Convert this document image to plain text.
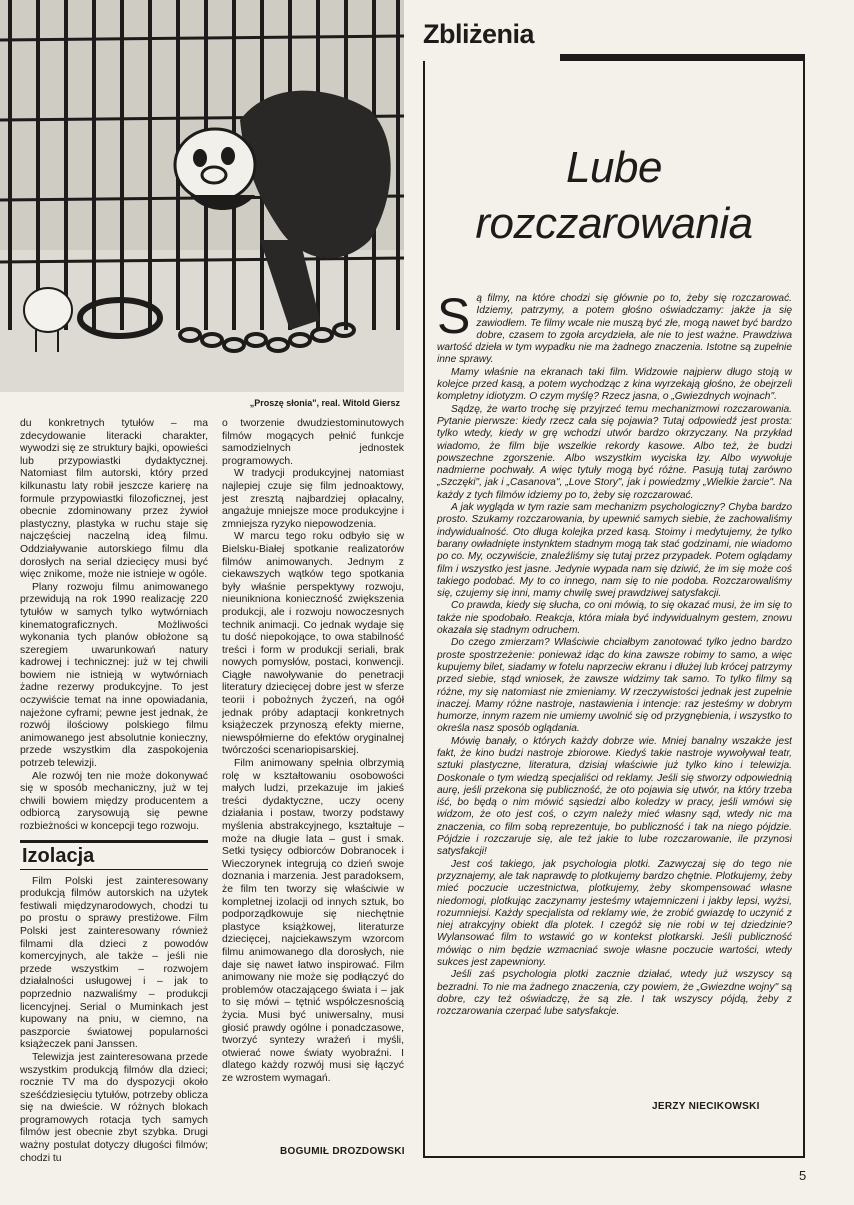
„Proszę słonia", real. Witold Giersz

du konkretnych tytułów – ma zdecydowanie literacki charakter, wywodzi się ze struktury bajki, opowieści lub przypowiastki dydaktycznej. Natomiast film autorski, który przed kilkunastu laty robił jeszcze karierę na formule przypowiastki filozoficznej, jest obecnie zdominowany przez żywioł plastyczny, plastyka w ruchu staje się najczęściej naczelną ideą filmu. Oddziaływanie autorskiego filmu dla dorosłych na serial dziecięcy musi być więc znikome, może nie istnieje w ogóle.

Plany rozwoju filmu animowanego przewidują na rok 1990 realizację 220 tytułów w samych tylko wytwórniach kinematograficznych. Możliwości wykonania tych planów obłożone są szeregiem uwarunkowań natury kadrowej i technicznej: już w tej chwili bowiem nie istnieją w wytwórniach żadne rezerwy produkcyjne. To jest oczywiście temat na inne opowiadania, najeżone cyframi; pewne jest jednak, że rozwój ilościowy polskiego filmu animowanego jest absolutnie konieczny, przede wszystkim dla zaspokojenia potrzeb telewizji.

Ale rozwój ten nie może dokonywać się w sposób mechaniczny, już w tej chwili bowiem między producentem a odbiorcą zarysowują się pewne rozbieżności w koncepcji tego rozwoju.

Izolacja

Film Polski jest zainteresowany produkcją filmów autorskich na użytek festiwali międzynarodowych, chodzi tu po prostu o sprawy prestiżowe. Film Polski jest zainteresowany również filmami dla dzieci z powodów komercyjnych, ale także – jeśli nie przede wszystkim – rozwojem działalności usługowej i – jak to poprzednio nazwaliśmy – produkcji licencyjnej. Serial o Muminkach jest kupowany na pniu, w ciemno, na paszporcie światowej popularności książeczek pani Janssen.

Telewizja jest zainteresowana przede wszystkim produkcją filmów dla dzieci; rocznie TV ma do dyspozycji około sześćdziesięciu tytułów, potrzeby oblicza się na dwieście. W różnych blokach programowych rotacja tych samych filmów jest obecnie zbyt szybka. Drugi ważny postulat dotyczy długości filmów; chodzi tu

o tworzenie dwudziestominutowych filmów mogących pełnić funkcje samodzielnych jednostek programowych.

W tradycji produkcyjnej natomiast najlepiej czuje się film jednoaktowy, jest zresztą najbardziej opłacalny, angażuje mniejsze moce produkcyjne i zmniejsza ryzyko niepowodzenia.

W marcu tego roku odbyło się w Bielsku-Białej spotkanie realizatorów filmów animowanych. Jednym z ciekawszych wątków tego spotkania były właśnie perspektywy rozwoju, nieunikniona konieczność zwiększenia produkcji, ale i rozwoju nowoczesnych technik animacji. Co jednak wydaje się tu dość niepokojące, to owa stabilność treści i form w produkcji seriali, brak nowych pomysłów, postaci, konwencji. Ciągłe nawoływanie do penetracji literatury dziecięcej dobre jest w sferze teorii i pobożnych życzeń, na ogół jednak próby adaptacji konkretnych książeczek przynoszą efekty mierne, niewspółmierne do efektów oryginalnej twórczości scenariopisarskiej.

Film animowany spełnia olbrzymią rolę w kształtowaniu osobowości małych ludzi, przekazuje im jakieś treści dydaktyczne, uczy oceny działania i postaw, tworzy podstawy myślenia abstrakcyjnego, kształtuje – może na długie lata – gust i smak. Setki tysięcy odbiorców Dobranocek i Wieczorynek integrują co dzień swoje doznania i marzenia. Jest paradoksem, że film ten tworzy się właściwie w kompletnej izolacji od innych sztuk, bo podporządkowuje się niechętnie plastyce książkowej, literaturze dziecięcej, najciekawszym wzorcom filmu animowanego dla dorosłych, nie daje się nawet łatwo inspirować. Film animowany nie może się podłączyć do problemów otaczającego świata i – jak to się mówi – tętnić współczesnością życia. Musi być uniwersalny, musi głosić prawdy ogólne i ponadczasowe, tworzyć syntezy wrażeń i myśli, otwierać nowe światy wyobraźni. I dlatego każdy rozwój musi się łączyć ze wzrostem wymagań.

BOGUMIŁ DROZDOWSKI
Zbliżenia
Lube
rozczarowania

Są filmy, na które chodzi się głównie po to, żeby się rozczarować. Idziemy, patrzymy, a potem głośno oświadczamy: jakże ja się zawiodłem. Te filmy wcale nie muszą być złe, mogą nawet być bardzo dobre, czasem to zgoła arcydzieła, ale nie to jest ważne. Prawdziwa wartość dzieła w tym wypadku nie ma żadnego znaczenia. Istotne są zupełnie inne sprawy.

Mamy właśnie na ekranach taki film. Widzowie najpierw długo stoją w kolejce przed kasą, a potem wychodząc z kina wyrzekają głośno, że obejrzeli kompletny idiotyzm. O czym myślę? Rzecz jasna, o „Gwiezdnych wojnach".

Sądzę, że warto trochę się przyjrzeć temu mechanizmowi rozczarowania. Pytanie pierwsze: kiedy rzecz cała się pojawia? Tutaj odpowiedź jest prosta: tylko wtedy, kiedy w grę wchodzi utwór bardzo okrzyczany. Na przykład wiadomo, że film bije wszelkie rekordy kasowe. Albo też, że budzi powszechne zgorszenie. Albo wszystkim wyciska łzy. Albo wywołuje nadmierne pochwały. A więc tytuły mogą być różne. Pasują tutaj zarówno „Szczęki", jak i „Casanova", „Love Story", jak i powiedzmy „Wielkie żarcie". Na każdy z tych filmów idziemy po to, żeby się rozczarować.

A jak wygląda w tym razie sam mechanizm psychologiczny? Chyba bardzo prosto. Szukamy rozczarowania, by upewnić samych siebie, że zachowaliśmy indywidualność. Oto długa kolejka przed kasą. Stoimy i medytujemy, że tylko barany owładnięte instynktem stadnym mogą tak stać godzinami, nie wiadomo po co. My, oczywiście, znaleźliśmy się tutaj przez przypadek. Potem oglądamy film i wszystko jest jasne. Jedynie wypada nam się dziwić, że im się może coś takiego podobać. My to co innego, nam się to nie podoba. Rozczarowaliśmy się, czujemy się inni, mamy chwilę swej prawdziwej satysfakcji.

Co prawda, kiedy się słucha, co oni mówią, to się okazać musi, że im się to także nie spodobało. Reakcja, która miała być indywidualnym gestem, znowu okazała się stadnym odruchem.

Do czego zmierzam? Właściwie chciałbym zanotować tylko jedno bardzo proste spostrzeżenie: ponieważ idąc do kina zawsze robimy to samo, a więc kupujemy bilet, siadamy w fotelu naprzeciw ekranu i dłużej lub krócej patrzymy przed siebie, stąd wniosek, że zawsze widzimy tak samo. To tylko filmy są różne, my się natomiast nie zmieniamy. W rzeczywistości jednak jest zupełnie inaczej. Mamy różne nastroje, nastawienia i intencje: raz jesteśmy w dobrym humorze, innym razem nie umiemy uwolnić się od przygnębienia, i wszystko to określa nasz sposób oglądania.

Mówię banały, o których każdy dobrze wie. Mniej banalny wszakże jest fakt, że kino budzi nastroje zbiorowe. Kiedyś takie nastroje wywoływał teatr, sztuki plastyczne, literatura, dzisiaj właściwie już tylko kino i telewizja. Doskonale o tym wiedzą specjaliści od reklamy. Jeśli się stworzy odpowiednią aurę, jeśli przekona się publiczność, że oto pojawia się utwór, na który trzeba iść, bo będą o nim mówić sąsiedzi albo koledzy w pracy, jeśli wmówi się widzom, że oto jest coś, o czym należy mieć własny sąd, wtedy nic ma znaczenia, co film sobą reprezentuje, bo publiczność i tak na niego pójdzie. Pójdzie i rozczaruje się, ale też jakie to lube rozczarowanie, ile przynosi satysfakcji!

Jest coś takiego, jak psychologia plotki. Zazwyczaj się do tego nie przyznajemy, ale tak naprawdę to plotkujemy bardzo chętnie. Plotkujemy, żeby mieć poczucie uczestnictwa, plotkujemy, żeby skompensować własne niedomogi, plotkując zaczynamy jesteśmy wtajemniczeni i jakby lepsi, wyżsi, rozumniejsi. Każdy specjalista od reklamy wie, że zrobić gwiazdę to uczynić z niej atrakcyjny obiekt dla plotek. I czegóż się nie robi w tej dziedzinie? Wylansować film to wstawić go w kontekst plotkarski. Jeśli publiczność mówiąc o nim będzie wzmacniać swoje własne poczucie wartości, wtedy sukces jest zapewniony.

Jeśli zaś psychologia plotki zacznie działać, wtedy już wszyscy są bezradni. To nie ma żadnego znaczenia, czy powiem, że „Gwiezdne wojny" są dobre, czy też oświadczę, że są złe. I tak wszyscy pójdą, żeby z rozczarowania czerpać lube satysfakcje.

JERZY NIECIKOWSKI
5
